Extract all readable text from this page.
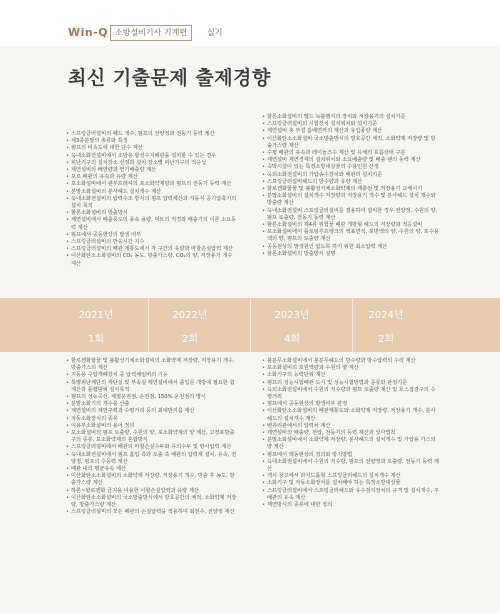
Win-Q 소방설비기사 기계편	실기
최신 기출문제 출제경향
• 스프링클러설비의 헤드 개수, 펌프의 전양정과 전동기 동력 계산
• 제3종분말의 총류와 특징
• 펌프의 비속도에 대한 단수 계산
• 옥내소화전설비에서 소방용 합성수지배관을 설치할 수 있는 경우
• 피난기구의 설치장소 선정과 설치 장소별 피난기구의 적응성
• 제연설비의 배연량과 연기배출량 계산
• 포르 배관의 유속과 유량 계산
• 포소화설비에서 관부프레셔의 포소화약제량과 펌프의 전동기 동력 계산
• 분말소화설비의 분사헤드 설치개수 계산
• 옥내소화전설비의 압력수조 방식의 펌프 압력계산과 자동식 공기압축기의 설치 목적
• 할론소화설비의 방출방식
• 제연설비에서 배출풍도의 풍속 용량, 덕트의 직경과 배출기의 이론 소요동력 계산
• 펌프에서 공동현상의 발생 여부
• 스프링클러설비의 반응시간 지수
• 스프링클러설비의 배관 계통도에서 각 구간의 유량과 마찰손실압력 계산
• 이산화탄소소화설비의 CO₂ 농도, 방출가스량, CO₂의 양, 저장용기 개수 계산
• 할론소화설비의 밸드 녹블랭식의 장치와 저장용기의 설치기준
• 스프링클러설비의 시험장치 설치위치와 설치기준
• 제연설비 총 부설 흡배연까의 계산과 유입풍량 계산
• 이산화탄소소화설비 국소방출방식의 방호공간 체적, 소화약제 저장량 및 방출가스량 계산
• 수평 배관의 유속과 레이놀즈수 계산 및 유체의 흐름상태 구분
• 제연설비 제연경계의 설치위치와 소요배출량 및 배출 팬의 동력 계산
• 숙박시설이 있는 특정소방대상물의 수용인원 산정
• 옥외소화전설비의 가압송수장치와 배관의 설치기준
• 스프링클러설비헤드의 방수량과 유량 계산
• 할로겐화합물 및 불활성기체소화약제의 재충전 및 저장용기 교체시기
• 분말소화설비의 설치개수 저장량과 저장용기 개수 및 분사헤드 설치 개수와 방출량 계산
• 옥내소화전설비 스프링클러설비를 겸용하여 설치한 경우 전양정, 수원의 양, 펌프 토출량, 전동기 동력 계산
• 할론소화설비의 제4류 위험물 배관 개방형 헤드의 저장량과 적응설비
• 포소화설비에서 플로팅루프탱크의 액표면적, 포방액의 양, 수원의 양, 포수용액의 양, 펌프의 토출량 계산
• 공동현상의 발생원인 압도록 하기 위한 최소압력 계산
• 할론소화설비의 방출방식 설명
2021년
1회
2022년
2회
2023년
4회
2024년
2회
• 할로겐화합물 및 불활성기체소화설비의 소화약제 저장량, 저장용기 개수, 방출가스의 계산
• 기동용 수압개폐장치 중 압력체임버의 기능
• 특별피난계단의 계단실 및 부속실 제연설비에서 출입문 개방에 필요한 힘 계산과 플랩댐퍼 설치목적
• 펌프의 성능곡선, 체절운전점, 운전점, 150% 운전점의 명시
• 분말소화기의 개수를 산출
• 제연설비의 제연구획과 수평거리 등의 최대반지름 계산
• 자동소화장치의 종류
• 이용부소화설비의 용어 정의
• 포소화설비의 펌프 토출량, 수원의 양, 포소화약제의 양 계산, 고정포방출구의 종류, 포소화약제의 혼합방식
• 스프링클러설비에서 배관의 마찰손실수두와 유의수두 및 방사압력 계산
• 옥내소화전설비에서 펌프 흡입 측과 토출 측 배관의 압력계 설치, 유속, 전양정, 펌프의 수동력 계산
• 배관 내의 평균유속 계산
• 이산화탄소소화설비의 소화약제 저장량, 저장용기 개수, 방출 후 농도, 방출가스량 계산
• 하론~할로겐화 금지용 이용한 이할손실압력과 유량 계산
• 이산화탄소소화설비의 국소방출방식에서 방호공간의 체적, 소화약제 저장량, 방출가스량 계산
• 스프링클러설비의 모든 배관의 손실압력을 적용하여 최전수, 전양정 계산
• 불분무소화설비에서 불분무헤드의 방수량과 방수압력의 수리 계산
• 포소화설비의 포원액량과 수원의 양 계산
• 소화기구의 능력단위 계산
• 펌프의 성능시험배관 도시 및 성능시험방법과 종류와 판정기준
• 옥외소화전설비에서 수원의 저수량과 펌프 토출량 계산 및 호스접결구의 수평거리
• 펌프에서 공동현상의 발생여부 판정
• 이산화탄소소화설비의 배관계통도와 소화약제 저장량, 저장용기 개수, 분사헤드의 설치개수 계산
• 벤츄리관에서의 압력차 계산
• 제연설비의 배출량, 전압, 전동기의 동력 계산과 상사법칙
• 분말소화설비에서 소화약제 저장량, 분사헤드의 설치개수 및 가압용 가스의 양 계산
• 펌프에서 맥동현상의 정의와 방지방법
• 옥내소화전설비에서 수원의 저수량, 펌프의 전양정과 토출량, 전동기 동력 계산
• 액식 창고에서 라지드롭형 스프링클러헤드의 설치개수 계산
• 소화기구 및 자동소화장치를 설치해야 하는 특정소방대상물
• 스프링클러설비에서 스프링클러헤드와 유수검지장치의 규격 및 설치개수, 주배관의 유속 계산
• 제연방식의 종류에 대한 정의
